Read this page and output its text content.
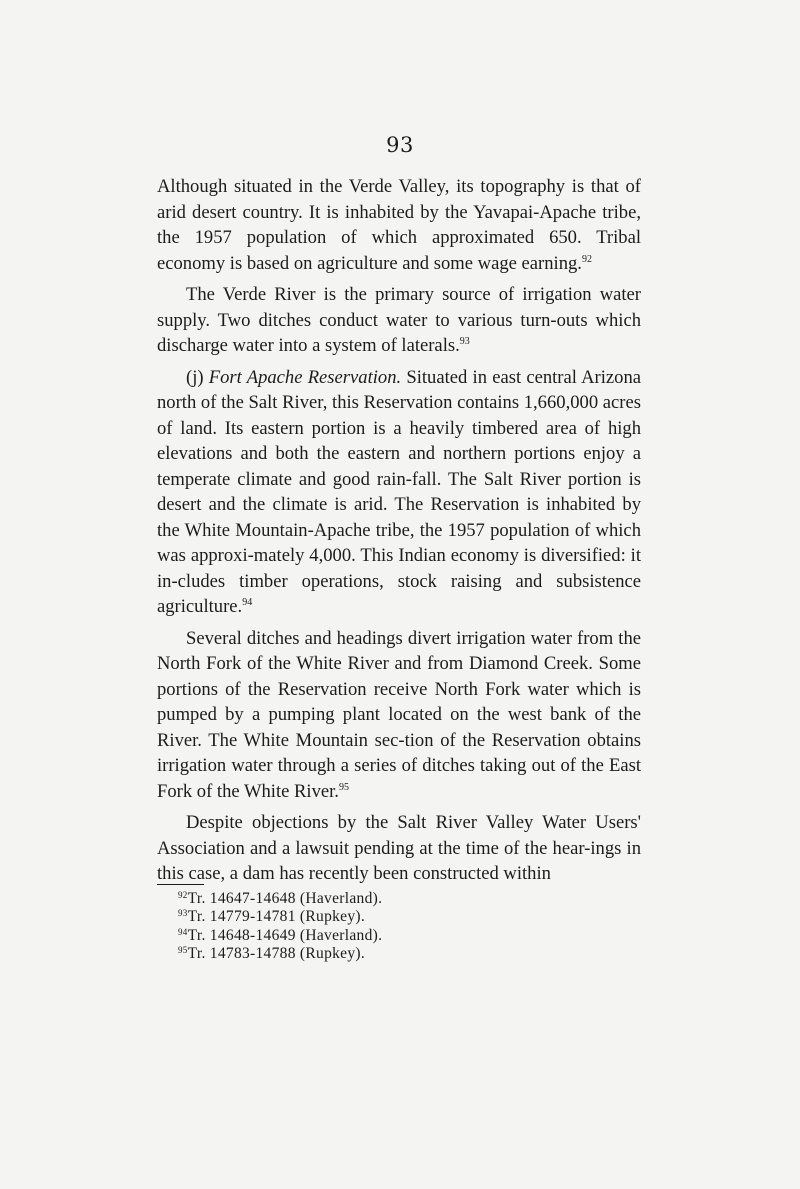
93

Although situated in the Verde Valley, its topography is that of arid desert country. It is inhabited by the Yavapai-Apache tribe, the 1957 population of which approximated 650. Tribal economy is based on agriculture and some wage earning.$^{92}$

The Verde River is the primary source of irrigation water supply. Two ditches conduct water to various turn-outs which discharge water into a system of laterals.$^{93}$

(j) Fort Apache Reservation. Situated in east central Arizona north of the Salt River, this Reservation contains 1,660,000 acres of land. Its eastern portion is a heavily timbered area of high elevations and both the eastern and northern portions enjoy a temperate climate and good rain-fall. The Salt River portion is desert and the climate is arid. The Reservation is inhabited by the White Mountain-Apache tribe, the 1957 population of which was approxi-mately 4,000. This Indian economy is diversified: it in-cludes timber operations, stock raising and subsistence agriculture.$^{94}$

Several ditches and headings divert irrigation water from the North Fork of the White River and from Diamond Creek. Some portions of the Reservation receive North Fork water which is pumped by a pumping plant located on the west bank of the River. The White Mountain sec-tion of the Reservation obtains irrigation water through a series of ditches taking out of the East Fork of the White River.$^{95}$

Despite objections by the Salt River Valley Water Users' Association and a lawsuit pending at the time of the hear-ings in this case, a dam has recently been constructed within

$^{92}$Tr. 14647-14648 (Haverland).
$^{93}$Tr. 14779-14781 (Rupkey).
$^{94}$Tr. 14648-14649 (Haverland).
$^{95}$Tr. 14783-14788 (Rupkey).
